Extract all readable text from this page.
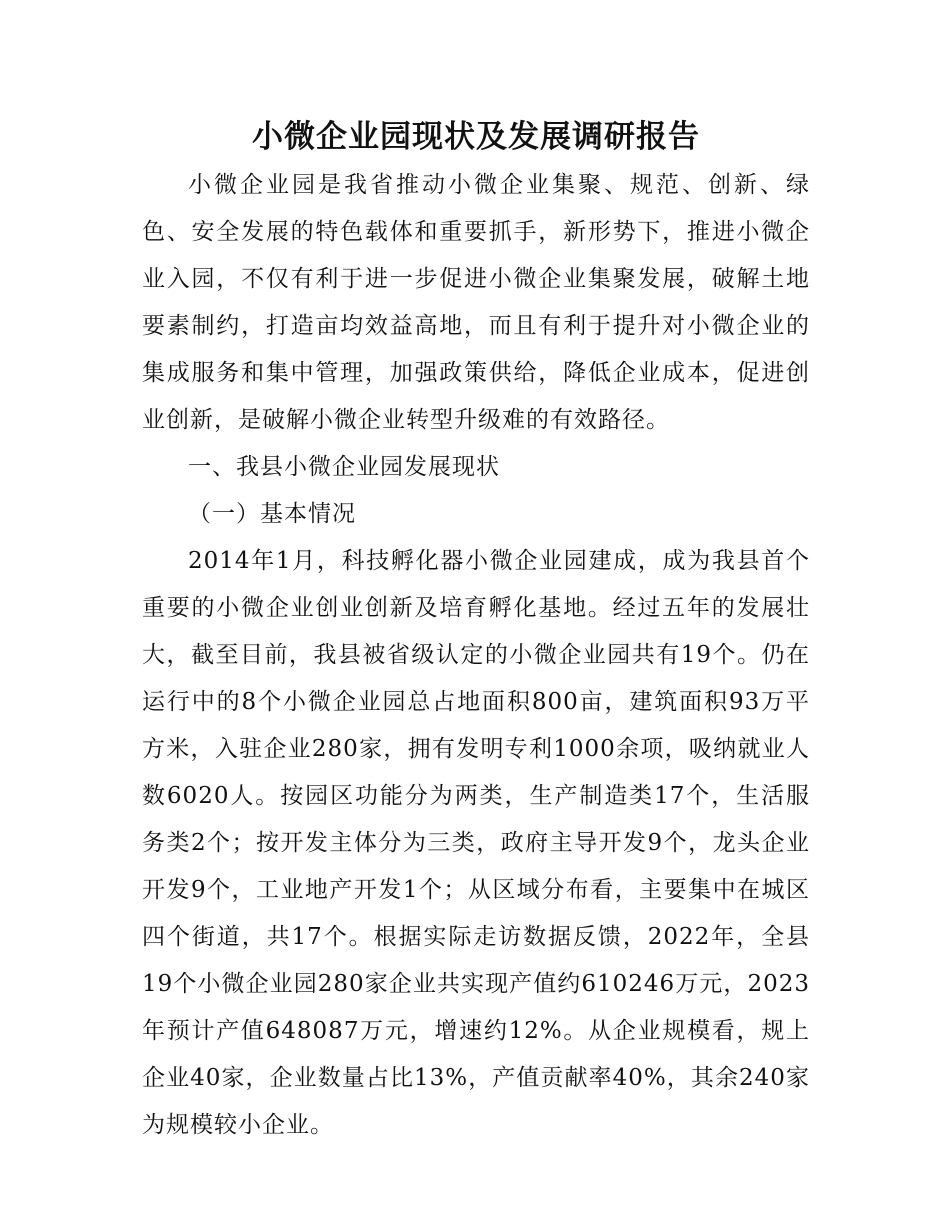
小微企业园现状及发展调研报告

小微企业园是我省推动小微企业集聚、规范、创新、绿色、安全发展的特色载体和重要抓手，新形势下，推进小微企业入园，不仅有利于进一步促进小微企业集聚发展，破解土地要素制约，打造亩均效益高地，而且有利于提升对小微企业的集成服务和集中管理，加强政策供给，降低企业成本，促进创业创新，是破解小微企业转型升级难的有效路径。

一、我县小微企业园发展现状

（一）基本情况

2014年1月，科技孵化器小微企业园建成，成为我县首个重要的小微企业创业创新及培育孵化基地。经过五年的发展壮大，截至目前，我县被省级认定的小微企业园共有19个。仍在运行中的8个小微企业园总占地面积800亩，建筑面积93万平方米，入驻企业280家，拥有发明专利1000余项，吸纳就业人数6020人。按园区功能分为两类，生产制造类17个，生活服务类2个；按开发主体分为三类，政府主导开发9个，龙头企业开发9个，工业地产开发1个；从区域分布看，主要集中在城区四个街道，共17个。根据实际走访数据反馈，2022年，全县19个小微企业园280家企业共实现产值约610246万元，2023年预计产值648087万元，增速约12%。从企业规模看，规上企业40家，企业数量占比13%，产值贡献率40%，其余240家为规模较小企业。
